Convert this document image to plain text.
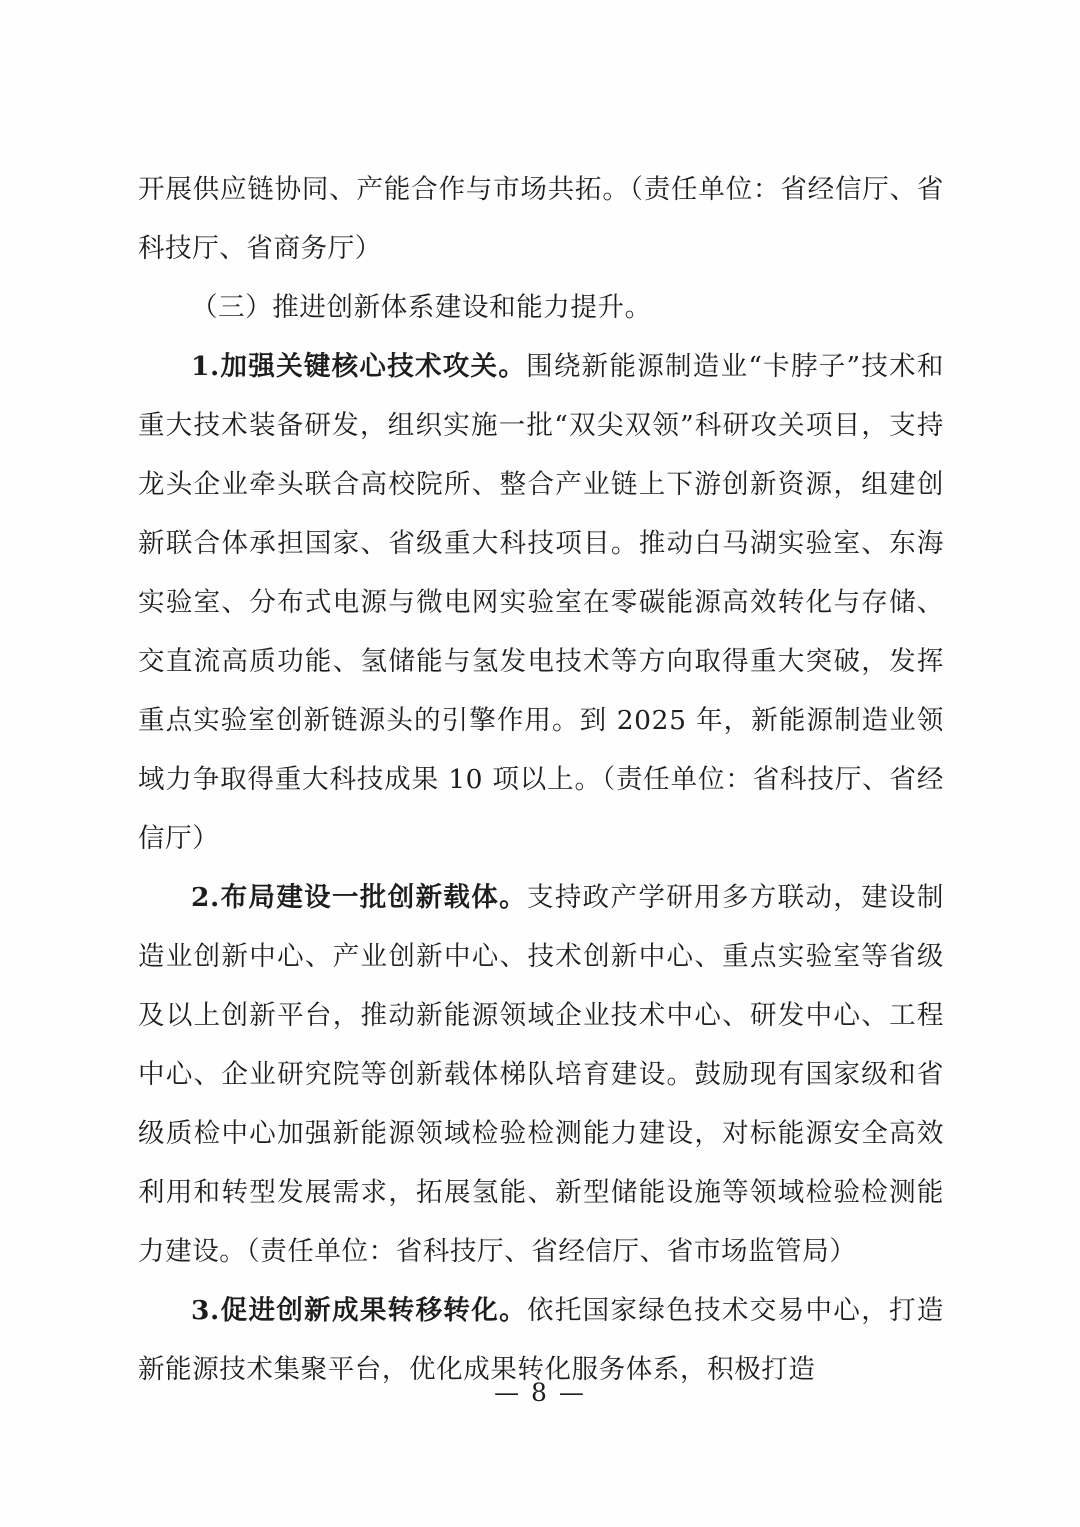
开展供应链协同、产能合作与市场共拓。（责任单位：省经信厅、省科技厅、省商务厅）

（三）推进创新体系建设和能力提升。

1.加强关键核心技术攻关。围绕新能源制造业“卡脖子”技术和重大技术装备研发，组织实施一批“双尖双领”科研攻关项目，支持龙头企业牵头联合高校院所、整合产业链上下游创新资源，组建创新联合体承担国家、省级重大科技项目。推动白马湖实验室、东海实验室、分布式电源与微电网实验室在零碳能源高效转化与存储、交直流高质功能、氢储能与氢发电技术等方向取得重大突破，发挥重点实验室创新链源头的引擎作用。到 2025 年，新能源制造业领域力争取得重大科技成果 10 项以上。（责任单位：省科技厅、省经信厅）

2.布局建设一批创新载体。支持政产学研用多方联动，建设制造业创新中心、产业创新中心、技术创新中心、重点实验室等省级及以上创新平台，推动新能源领域企业技术中心、研发中心、工程中心、企业研究院等创新载体梯队培育建设。鼓励现有国家级和省级质检中心加强新能源领域检验检测能力建设，对标能源安全高效利用和转型发展需求，拓展氢能、新型储能设施等领域检验检测能力建设。（责任单位：省科技厅、省经信厅、省市场监管局）

3.促进创新成果转移转化。依托国家绿色技术交易中心，打造新能源技术集聚平台，优化成果转化服务体系，积极打造

— 8 —
